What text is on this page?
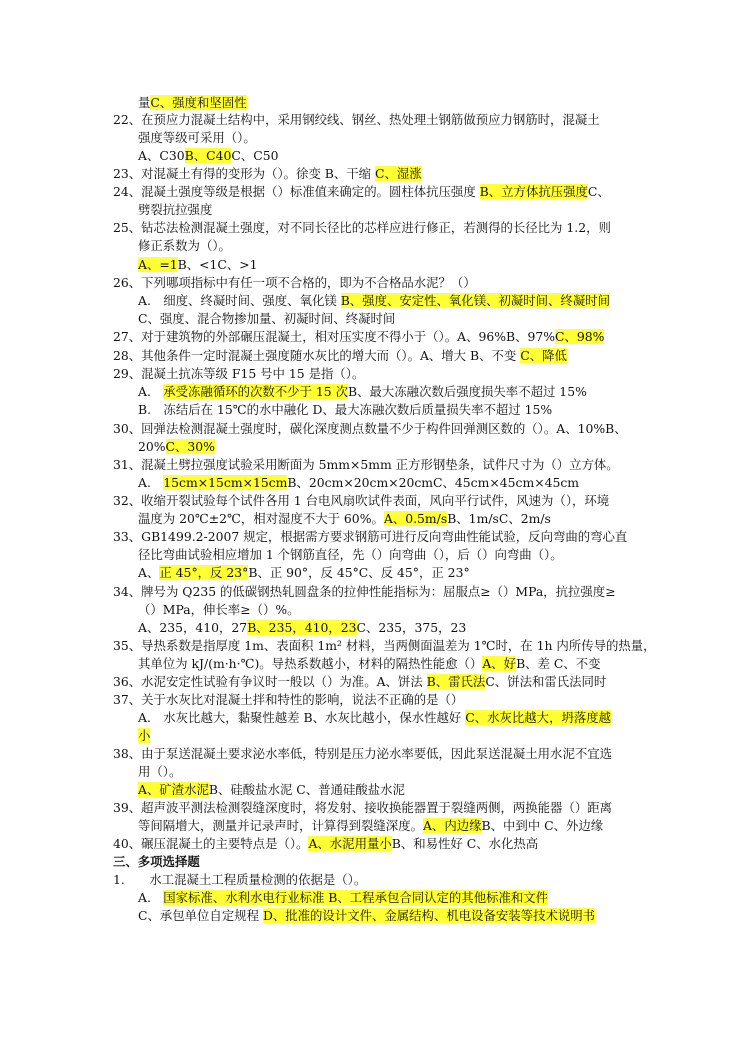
量C、强度和坚固性
22、在预应力混凝土结构中，采用钢绞线、钢丝、热处理土钢筋做预应力钢筋时，混凝土
强度等级可采用（）。
A、C30B、C40C、C50
23、对混凝土有得的变形为（）。徐变 B、干缩 C、湿涨
24、混凝土强度等级是根据（）标准值来确定的。圆柱体抗压强度 B、立方体抗压强度C、
劈裂抗拉强度
25、钻芯法检测混凝土强度，对不同长径比的芯样应进行修正，若测得的长径比为 1.2，则
修正系数为（）。
A、=1B、<1C、>1
26、下列哪项指标中有任一项不合格的，即为不合格品水泥？（）
A.　细度、终凝时间、强度、氧化镁 B、强度、安定性、氧化镁、初凝时间、终凝时间
C、强度、混合物掺加量、初凝时间、终凝时间
27、对于建筑物的外部碾压混凝土，相对压实度不得小于（）。A、96%B、97%C、98%
28、其他条件一定时混凝土强度随水灰比的增大而（）。A、增大 B、不变 C、降低
29、混凝土抗冻等级 F15 号中 15 是指（）。
A.　承受冻融循环的次数不少于 15 次B、最大冻融次数后强度损失率不超过 15%
B.　冻结后在 15℃的水中融化 D、最大冻融次数后质量损失率不超过 15%
30、回弹法检测混凝土强度时，碳化深度测点数量不少于构件回弹测区数的（）。A、10%B、
20%C、30%
31、混凝土劈拉强度试验采用断面为 5mm×5mm 正方形钢垫条，试件尺寸为（）立方体。
A.　15cm×15cm×15cmB、20cm×20cm×20cmC、45cm×45cm×45cm
32、收缩开裂试验每个试件各用 1 台电风扇吹试件表面，风向平行试件，风速为（），环境
温度为 20℃±2℃，相对湿度不大于 60%。A、0.5m/sB、1m/sC、2m/s
33、GB1499.2-2007 规定，根据需方要求钢筋可进行反向弯曲性能试验，反向弯曲的弯心直
径比弯曲试验相应增加 1 个钢筋直径，先（）向弯曲（），后（）向弯曲（）。
A、正 45°，反 23°B、正 90°，反 45°C、反 45°，正 23°
34、牌号为 Q235 的低碳钢热轧圆盘条的拉伸性能指标为：屈服点≥（）MPa，抗拉强度≥
（）MPa，伸长率≥（）%。
A、235，410，27B、235，410，23C、235，375，23
35、导热系数是指厚度 1m、表面积 1m² 材料，当两侧面温差为 1℃时，在 1h 内所传导的热量，
其单位为 kJ/(m·h·℃)。导热系数越小，材料的隔热性能愈（）A、好B、差 C、不变
36、水泥安定性试验有争议时一般以（）为准。A、饼法 B、雷氏法C、饼法和雷氏法同时
37、关于水灰比对混凝土拌和特性的影响，说法不正确的是（）
A.　水灰比越大，黏聚性越差 B、水灰比越小，保水性越好 C、水灰比越大，坍落度越
小
38、由于泵送混凝土要求泌水率低，特别是压力泌水率要低，因此泵送混凝土用水泥不宜选
用（）。
A、矿渣水泥B、硅酸盐水泥 C、普通硅酸盐水泥
39、超声波平测法检测裂缝深度时，将发射、接收换能器置于裂缝两侧，两换能器（）距离
等间隔增大，测量并记录声时，计算得到裂缝深度。A、内边缘B、中到中 C、外边缘
40、碾压混凝土的主要特点是（）。A、水泥用量小B、和易性好 C、水化热高
三、多项选择题
1.　水工混凝土工程质量检测的依据是（）。
A.　国家标准、水利水电行业标准 B、工程承包合同认定的其他标准和文件
C、承包单位自定规程 D、批准的设计文件、金属结构、机电设备安装等技术说明书
